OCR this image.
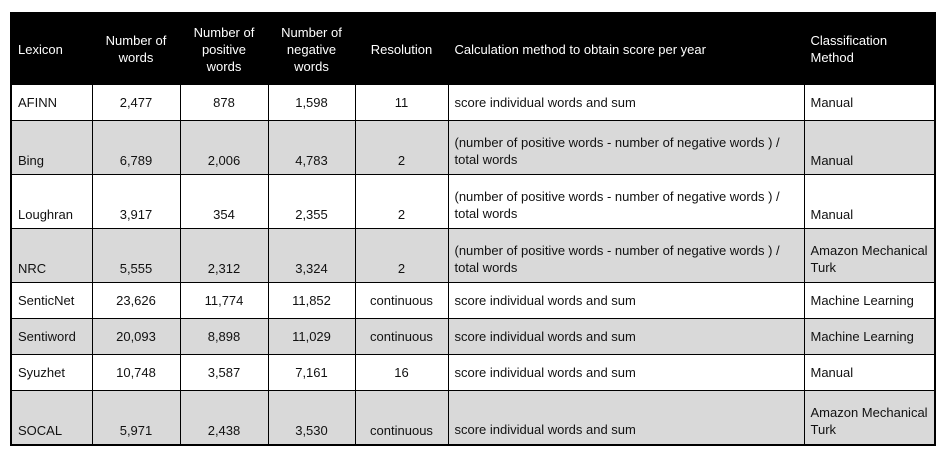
Lexicon	Number of words	Number of positive words	Number of negative words	Resolution	Calculation method to obtain score per year	Classification Method
AFINN	2,477	878	1,598	11	score individual words and sum	Manual
Bing	6,789	2,006	4,783	2	(number of positive words - number of negative words ) / total words	Manual
Loughran	3,917	354	2,355	2	(number of positive words - number of negative words ) / total words	Manual
NRC	5,555	2,312	3,324	2	(number of positive words - number of negative words ) / total words	Amazon Mechanical Turk
SenticNet	23,626	11,774	11,852	continuous	score individual words and sum	Machine Learning
Sentiword	20,093	8,898	11,029	continuous	score individual words and sum	Machine Learning
Syuzhet	10,748	3,587	7,161	16	score individual words and sum	Manual
SOCAL	5,971	2,438	3,530	continuous	score individual words and sum	Amazon Mechanical Turk
